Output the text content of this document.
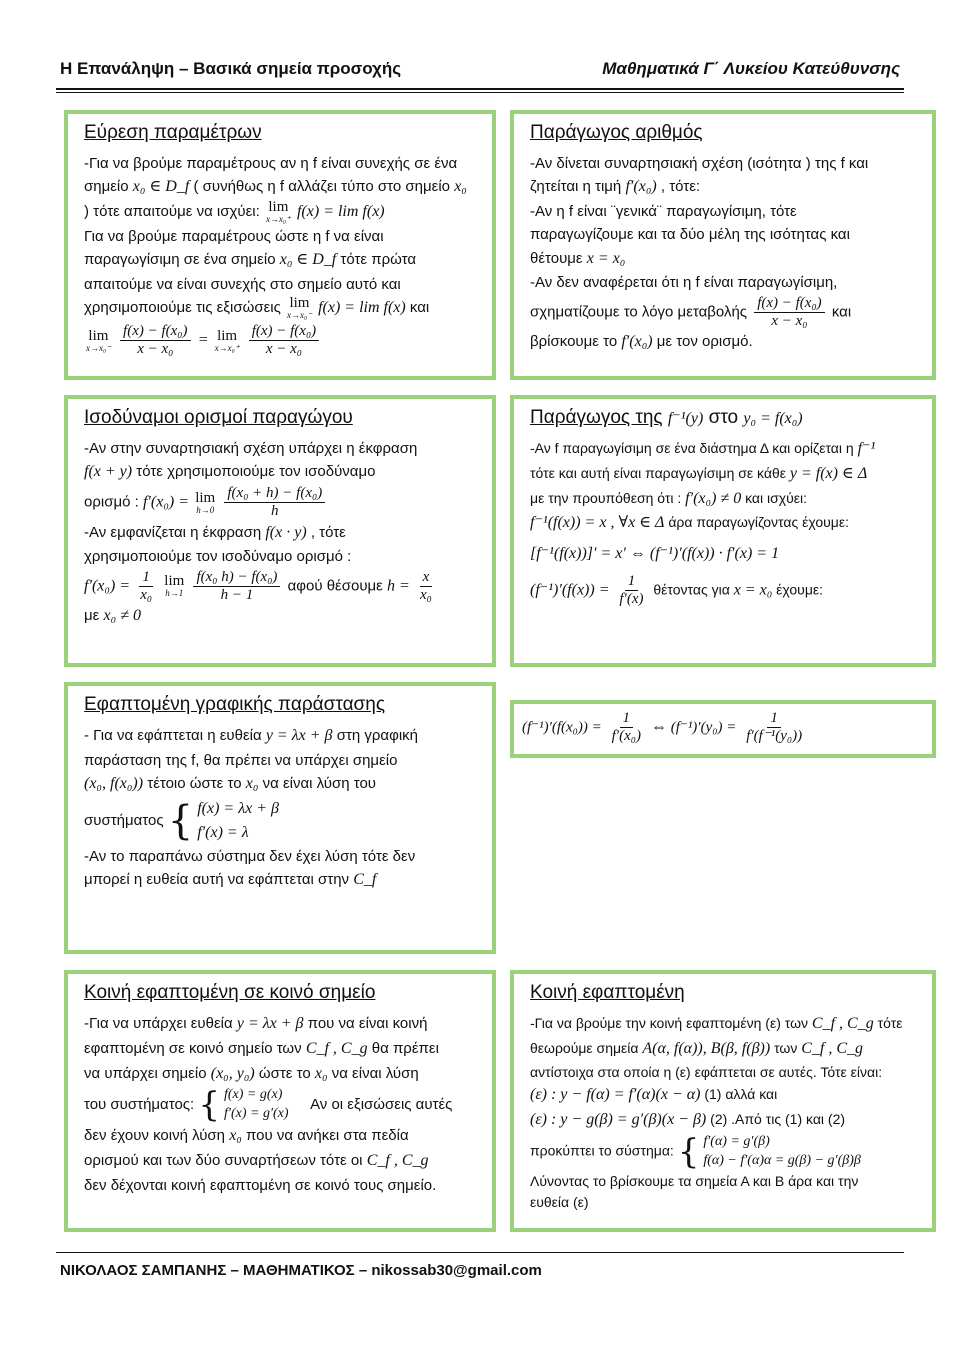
Η Επανάληψη – Βασικά σημεία προσοχής	Μαθηματικά Γ΄ Λυκείου Κατεύθυνσης
Εύρεση παραμέτρων

-Για να βρούμε παραμέτρους αν η f είναι συνεχής σε ένα

σημείο x₀ ∈ D_f ( συνήθως η f αλλάζει τύπο στο σημείο x₀

) τότε απαιτούμε να ισχύει: lim
x→x₀⁺ f(x) = lim f(x)

Για να βρούμε παραμέτρους ώστε η f να είναι

παραγωγίσιμη σε ένα σημείο x₀ ∈ D_f τότε πρώτα

απαιτούμε να είναι συνεχής στο σημείο αυτό και

χρησιμοποιούμε τις εξισώσεις lim
x→x₀⁻ f(x) = lim f(x) και

lim
x→x₀⁻
$\frac{\text{f(x) − f(x₀)}}{\text{x − x₀}} = \lim$
x→x₀⁺
$\frac{\text{f(x) − f(x₀)}}{\text{x − x₀}}$

Παράγωγος αριθμός

-Αν δίνεται συναρτησιακή σχέση (ισότητα ) της f και

ζητείται η τιμή f′(x₀) , τότε:

-Αν η f είναι ¨γενικά¨ παραγωγίσιμη, τότε

παραγωγίζουμε και τα δύο μέλη της ισότητας και

θέτουμε x = x₀

-Αν δεν αναφέρεται ότι η f είναι παραγωγίσιμη,

σχηματίζουμε το λόγο μεταβολής $\frac{\text{f(x) − f(x₀)}}{\text{x − x₀}}$ και

βρίσκουμε το f′(x₀) με τον ορισμό.

Ισοδύναμοι ορισμοί παραγώγου

-Αν στην συναρτησιακή σχέση υπάρχει η έκφραση

f(x + y) τότε χρησιμοποιούμε τον ισοδύναμο

ορισμό : f′(x₀) = lim
h→0
$\frac{\text{f(x₀ + h) − f(x₀)}}{h}$

-Αν εμφανίζεται η έκφραση f(x · y) , τότε

χρησιμοποιούμε τον ισοδύναμο ορισμό :

$f'(x_0) = \frac{1}{\text{x₀}}$
lim
h→1
$\frac{\text{f(x₀ h) − f(x₀)}}{h - 1}$ αφού θέσουμε $h = \frac{x}{\text{x₀}}$

με x₀ ≠ 0

Παράγωγος της f⁻¹(y) στο y₀ = f(x₀)

-Αν f παραγωγίσιμη σε ένα διάστημα Δ και ορίζεται η f⁻¹

τότε και αυτή είναι παραγωγίσιμη σε κάθε y = f(x) ∈ Δ

με την προυπόθεση ότι : f′(x₀) ≠ 0 και ισχύει:

f⁻¹(f(x)) = x , ∀x ∈ Δ άρα παραγωγίζοντας έχουμε:

[f⁻¹(f(x))]′ = x′ ⇔ (f⁻¹)′(f(x)) · f′(x) = 1

$(f^{-1})'(f(x)) = \frac{1}{f'(x)}$ θέτοντας για x = x₀ έχουμε:

Εφαπτομένη γραφικής παράστασης

- Για να εφάπτεται η ευθεία y = λx + β στη γραφική

παράσταση της f, θα πρέπει να υπάρχει σημείο

(x₀, f(x₀)) τέτοιο ώστε το x₀ να είναι λύση του

συστήματος { f(x) = λx + β
f′(x) = λ

-Αν το παραπάνω σύστημα δεν έχει λύση τότε δεν

μπορεί η ευθεία αυτή να εφάπτεται στην C_f

$(f^{-1})'(f(x_0)) = \frac{1}{\text{f′(x₀)}}$ ⇔ $(f^{-1})'(y_0) = \frac{1}{\text{f′(f⁻¹(y₀))}}$

Κοινή εφαπτομένη σε κοινό σημείο

-Για να υπάρχει ευθεία y = λx + β που να είναι κοινή

εφαπτομένη σε κοινό σημείο των C_f , C_g θα πρέπει

να υπάρχει σημείο (x₀, y₀) ώστε το x₀ να είναι λύση

του συστήματος: { f(x) = g(x)
f′(x) = g′(x)
Αν οι εξισώσεις αυτές

δεν έχουν κοινή λύση x₀ που να ανήκει στα πεδία

ορισμού και των δύο συναρτήσεων τότε οι C_f , C_g

δεν δέχονται κοινή εφαπτομένη σε κοινό τους σημείο.

Κοινή εφαπτομένη

-Για να βρούμε την κοινή εφαπτομένη (ε) των C_f , C_g τότε

θεωρούμε σημεία Α(α, f(α)), Β(β, f(β)) των C_f , C_g

αντίστοιχα στα οποία η (ε) εφάπτεται σε αυτές. Τότε είναι:

(ε) : y − f(α) = f′(α)(x − α) (1) αλλά και

(ε) : y − g(β) = g′(β)(x − β) (2) .Από τις (1) και (2)

προκύπτει το σύστημα: { f′(α) = g′(β)
f(α) − f′(α)α = g(β) − g′(β)β

Λύνοντας το βρίσκουμε τα σημεία Α και Β άρα και την

ευθεία (ε)

ΝΙΚΟΛΑΟΣ ΣΑΜΠΑΝΗΣ – ΜΑΘΗΜΑΤΙΚΟΣ – nikossab30@gmail.com
